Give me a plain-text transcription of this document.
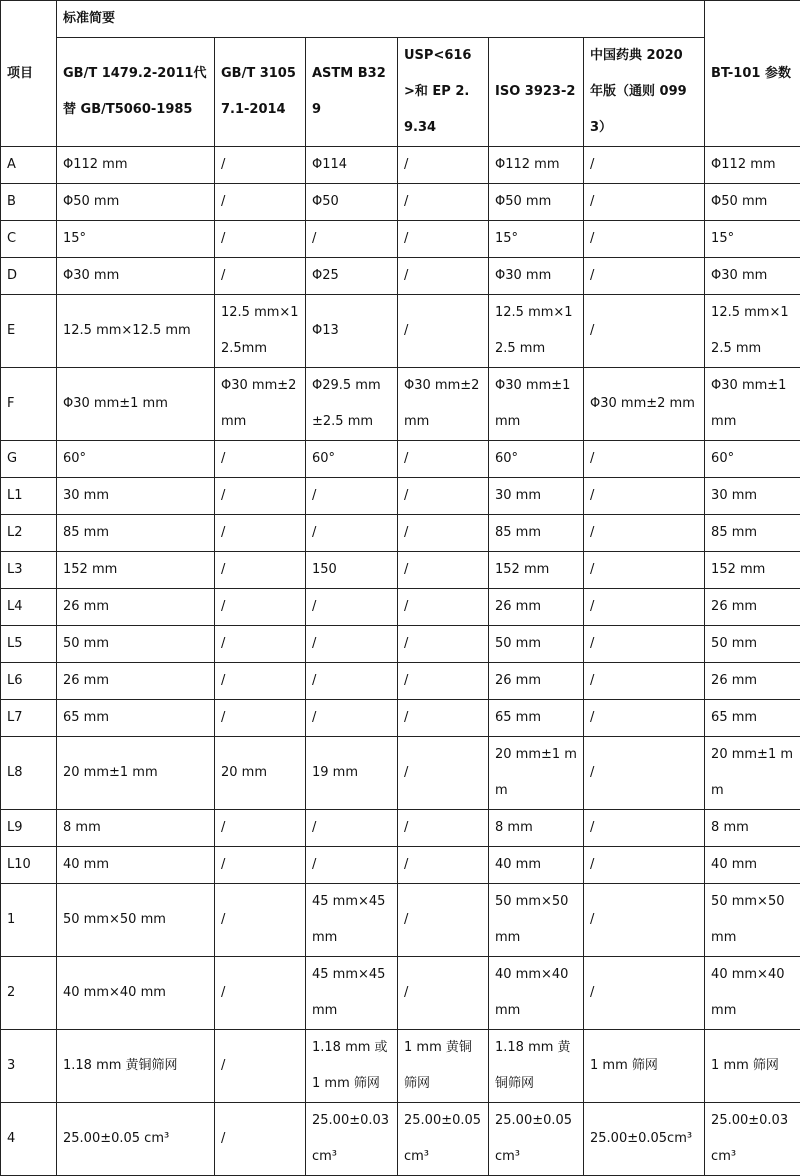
项目	标准简要						BT-101 参数
	GB/T 1479.2-2011代替 GB/T5060-1985	GB/T 3105 7.1-2014	ASTM B329	USP<616>和 EP 2.9.34	ISO 3923-2	中国药典 2020 年版（通则 0993）	
A	Φ112 mm	/	Φ114	/	Φ112 mm	/	Φ112 mm
B	Φ50 mm	/	Φ50	/	Φ50 mm	/	Φ50 mm
C	15°	/	/	/	15°	/	15°
D	Φ30 mm	/	Φ25	/	Φ30 mm	/	Φ30 mm
E	12.5 mm×12.5 mm	12.5 mm×12.5mm	Φ13	/	12.5 mm×12.5 mm	/	12.5 mm×12.5 mm
F	Φ30 mm±1 mm	Φ30 mm±2 mm	Φ29.5 mm±2.5 mm	Φ30 mm±2 mm	Φ30 mm±1 mm	Φ30 mm±2 mm	Φ30 mm±1 mm
G	60°	/	60°	/	60°	/	60°
L1	30 mm	/	/	/	30 mm	/	30 mm
L2	85 mm	/	/	/	85 mm	/	85 mm
L3	152 mm	/	150	/	152 mm	/	152 mm
L4	26 mm	/	/	/	26 mm	/	26 mm
L5	50 mm	/	/	/	50 mm	/	50 mm
L6	26 mm	/	/	/	26 mm	/	26 mm
L7	65 mm	/	/	/	65 mm	/	65 mm
L8	20 mm±1 mm	20 mm	19 mm	/	20 mm±1 mm	/	20 mm±1 mm
L9	8 mm	/	/	/	8 mm	/	8 mm
L10	40 mm	/	/	/	40 mm	/	40 mm
1	50 mm×50 mm	/	45 mm×45 mm	/	50 mm×50 mm	/	50 mm×50 mm
2	40 mm×40 mm	/	45 mm×45 mm	/	40 mm×40 mm	/	40 mm×40 mm
3	1.18 mm 黄铜筛网	/	1.18 mm 或 1 mm 筛网	1 mm 黄铜筛网	1.18 mm 黄铜筛网	1 mm 筛网	1 mm 筛网
4	25.00±0.05 cm³	/	25.00±0.03 cm³	25.00±0.05cm³	25.00±0.05 cm³	25.00±0.05cm³	25.00±0.03 cm³
